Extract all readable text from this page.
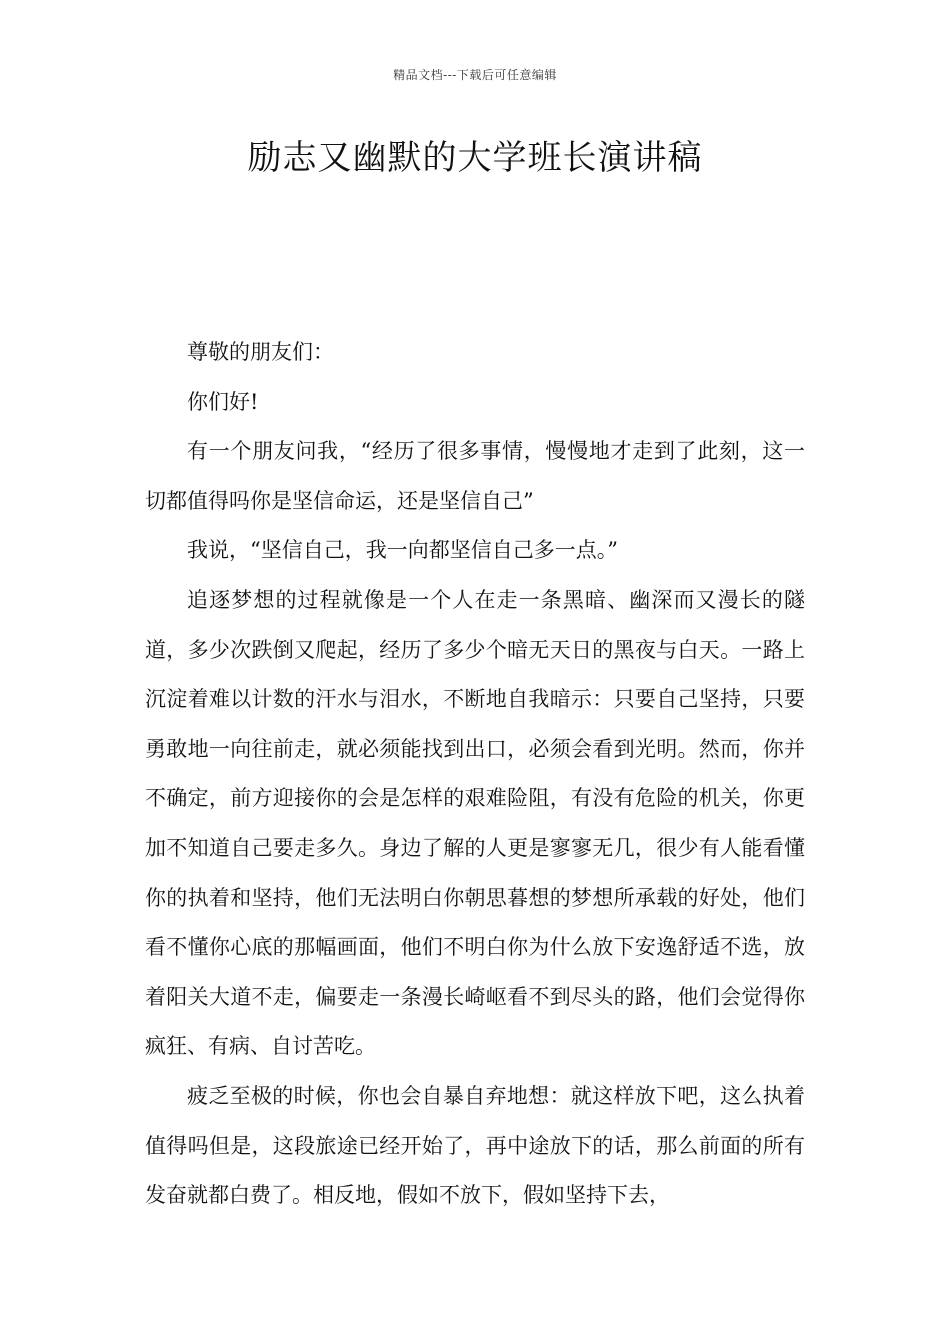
精品文档---下载后可任意编辑
励志又幽默的大学班长演讲稿

尊敬的朋友们：

你们好!

有一个朋友问我，“经历了很多事情，慢慢地才走到了此刻，这一切都值得吗你是坚信命运，还是坚信自己”

我说，“坚信自己，我一向都坚信自己多一点。”

追逐梦想的过程就像是一个人在走一条黑暗、幽深而又漫长的隧道，多少次跌倒又爬起，经历了多少个暗无天日的黑夜与白天。一路上沉淀着难以计数的汗水与泪水，不断地自我暗示：只要自己坚持，只要勇敢地一向往前走，就必须能找到出口，必须会看到光明。然而，你并不确定，前方迎接你的会是怎样的艰难险阻，有没有危险的机关，你更加不知道自己要走多久。身边了解的人更是寥寥无几，很少有人能看懂你的执着和坚持，他们无法明白你朝思暮想的梦想所承载的好处，他们看不懂你心底的那幅画面，他们不明白你为什么放下安逸舒适不选，放着阳关大道不走，偏要走一条漫长崎岖看不到尽头的路，他们会觉得你疯狂、有病、自讨苦吃。

疲乏至极的时候，你也会自暴自弃地想：就这样放下吧，这么执着值得吗但是，这段旅途已经开始了，再中途放下的话，那么前面的所有发奋就都白费了。相反地，假如不放下，假如坚持下去，
